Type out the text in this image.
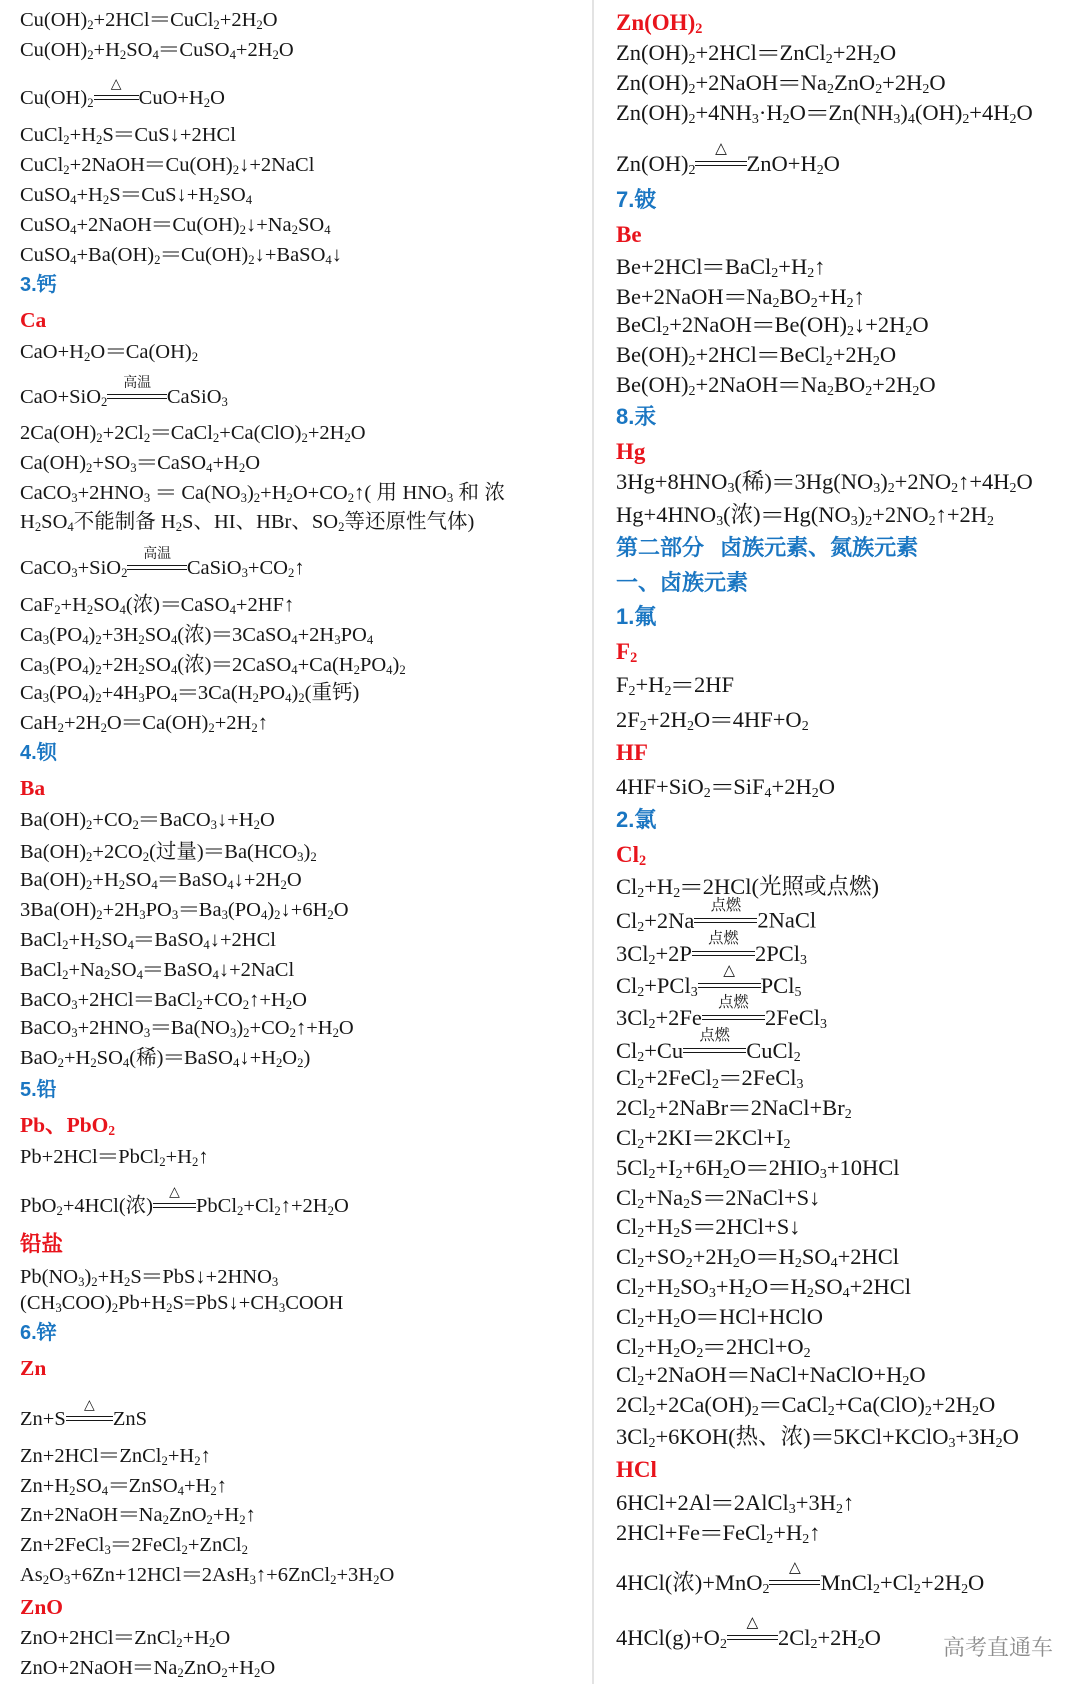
$Cu(OH)_2+2HCl=CuCl_2+2H_2O$
$Cu(OH)_2+H_2SO_4=CuSO_4+2H_2O$
$Cu(OH)_2$
△
$CuO+H_2O$
$CuCl_2+H_2S=CuS↓+2HCl$
$CuCl_2+2NaOH=Cu(OH)_2↓+2NaCl$
$CuSO_4+H_2S=CuS↓+H_2SO_4$
$CuSO_4+2NaOH=Cu(OH)_2↓+Na_2SO_4$
$CuSO_4+Ba(OH)_2=Cu(OH)_2↓+BaSO_4↓$
3.钙
Ca
$CaO+H_2O=Ca(OH)_2$
CaO+SiO$_2$
高温
CaSiO$_3$
$2Ca(OH)_2+2Cl_2=CaCl_2+Ca(ClO)_2+2H_2O$
$Ca(OH)_2+SO_3=CaSO_4+H_2O$
$CaCO_3+2HNO_3$ = $Ca(NO_3)_2+H_2O+CO_2↑$( 用 $HNO_3$ 和 浓
$H_2SO_4$不能制备 $H_2S$、HI、HBr、$SO_2$等还原性气体)
CaCO$_3$+SiO$_2$
高温
$CaSiO_3+CO_2↑$
$CaF_2+H_2SO_4$(浓)=CaSO$_4$+2HF↑
$Ca_3(PO_4)_2+3H_2SO_4$(浓)$=3CaSO_4+2H_3PO_4$
$Ca_3(PO_4)_2+2H_2SO_4$(浓)$=2CaSO_4+Ca(H_2PO_4)_2$
$Ca_3(PO_4)_2+4H_3PO_4=3Ca(H_2PO_4)_2$(重钙)
$CaH_2+2H_2O=Ca(OH)_2+2H_2↑$
4.钡
Ba
$Ba(OH)_2+CO_2=BaCO_3↓+H_2O$
$Ba(OH)_2+2CO_2$(过量)$=Ba(HCO_3)_2$
$Ba(OH)_2+H_2SO_4=BaSO_4↓+2H_2O$
$3Ba(OH)_2+2H_3PO_3=Ba_3(PO_4)_2↓+6H_2O$
$BaCl_2+H_2SO_4=BaSO_4↓+2HCl$
$BaCl_2+Na_2SO_4=BaSO_4↓+2NaCl$
$BaCO_3+2HCl=BaCl_2+CO_2↑+H_2O$
$BaCO_3+2HNO_3=Ba(NO_3)_2+CO_2↑+H_2O$
$BaO_2+H_2SO_4$(稀)$=BaSO_4↓+H_2O_2$)
5.铅
Pb、PbO$_2$
$Pb+2HCl=PbCl_2+H_2↑$
PbO$_2$+4HCl(浓)
△
$PbCl_2+Cl_2↑+2H_2O$
铅盐
$Pb(NO_3)_2+H_2S=PbS↓+2HNO_3$
$(CH_3COO)_2Pb+H_2S=PbS↓+CH_3COOH$
6.锌
Zn
Zn+S
△
ZnS
$Zn+2HCl=ZnCl_2+H_2↑$
$Zn+H_2SO_4=ZnSO_4+H_2↑$
$Zn+2NaOH=Na_2ZnO_2+H_2↑$
Zn+2FeCl$_3$=2FeCl$_2$+ZnCl$_2$
$As_2O_3+6Zn+12HCl=2AsH_3↑+6ZnCl_2+3H_2O$
ZnO
$ZnO+2HCl=ZnCl_2+H_2O$
$ZnO+2NaOH=Na_2ZnO_2+H_2O$
$Zn(OH)_2$
$Zn(OH)_2+2HCl=ZnCl_2+2H_2O$
$Zn(OH)_2+2NaOH=Na_2ZnO_2+2H_2O$
$Zn(OH)_2+4NH_3\cdot H_2O=Zn(NH_3)_4(OH)_2+4H_2O$
$Zn(OH)_2$
△
$ZnO+H_2O$
7.铍
Be
$Be+2HCl=BaCl_2+H_2↑$
$Be+2NaOH=Na_2BO_2+H_2↑$
$BeCl_2+2NaOH=Be(OH)_2↓+2H_2O$
$Be(OH)_2+2HCl=BeCl_2+2H_2O$
$Be(OH)_2+2NaOH=Na_2BO_2+2H_2O$
8.汞
Hg
$3Hg+8HNO_3$(稀)$=3Hg(NO_3)_2+2NO_2↑+4H_2O$
$Hg+4HNO_3$(浓)$=Hg(NO_3)_2+2NO_2↑+2H_2$
第二部分 卤族元素、氮族元素
一、卤族元素
1.氟
$F_2$
$F_2+H_2=2HF$
$2F_2+2H_2O=4HF+O_2$
HF
$4HF+SiO_2=SiF_4+2H_2O$
2.氯
$Cl_2$
$Cl_2+H_2=2HCl$(光照或点燃)
$Cl_2+2Na$
点燃
2NaCl
$3Cl_2+2P$
点燃
2PCl$_3$
$Cl_2+PCl_3$
△
PCl$_5$
$3Cl_2+2Fe$
点燃
2FeCl$_3$
$Cl_2+Cu$
点燃
CuCl$_2$
$Cl_2+2FeCl_2=2FeCl_3$
$2Cl_2+2NaBr=2NaCl+Br_2$
$Cl_2+2KI=2KCl+I_2$
$5Cl_2+I_2+6H_2O=2HIO_3+10HCl$
$Cl_2+Na_2S=2NaCl+S↓$
$Cl_2+H_2S=2HCl+S↓$
$Cl_2+SO_2+2H_2O=H_2SO_4+2HCl$
$Cl_2+H_2SO_3+H_2O=H_2SO_4+2HCl$
$Cl_2+H_2O=HCl+HClO$
$Cl_2+H_2O_2=2HCl+O_2$
$Cl_2+2NaOH=NaCl+NaClO+H_2O$
$2Cl_2+2Ca(OH)_2=CaCl_2+Ca(ClO)_2+2H_2O$
$3Cl_2+6KOH$(热、浓)$=5KCl+KClO_3+3H_2O$
HCl
$6HCl+2Al=2AlCl_3+3H_2↑$
$2HCl+Fe=FeCl_2+H_2↑$
4HCl(浓)+MnO$_2$
△
$MnCl_2+Cl_2+2H_2O$
$4HCl(g)+O_2$
△
$2Cl_2+2H_2O$	高考直通车
